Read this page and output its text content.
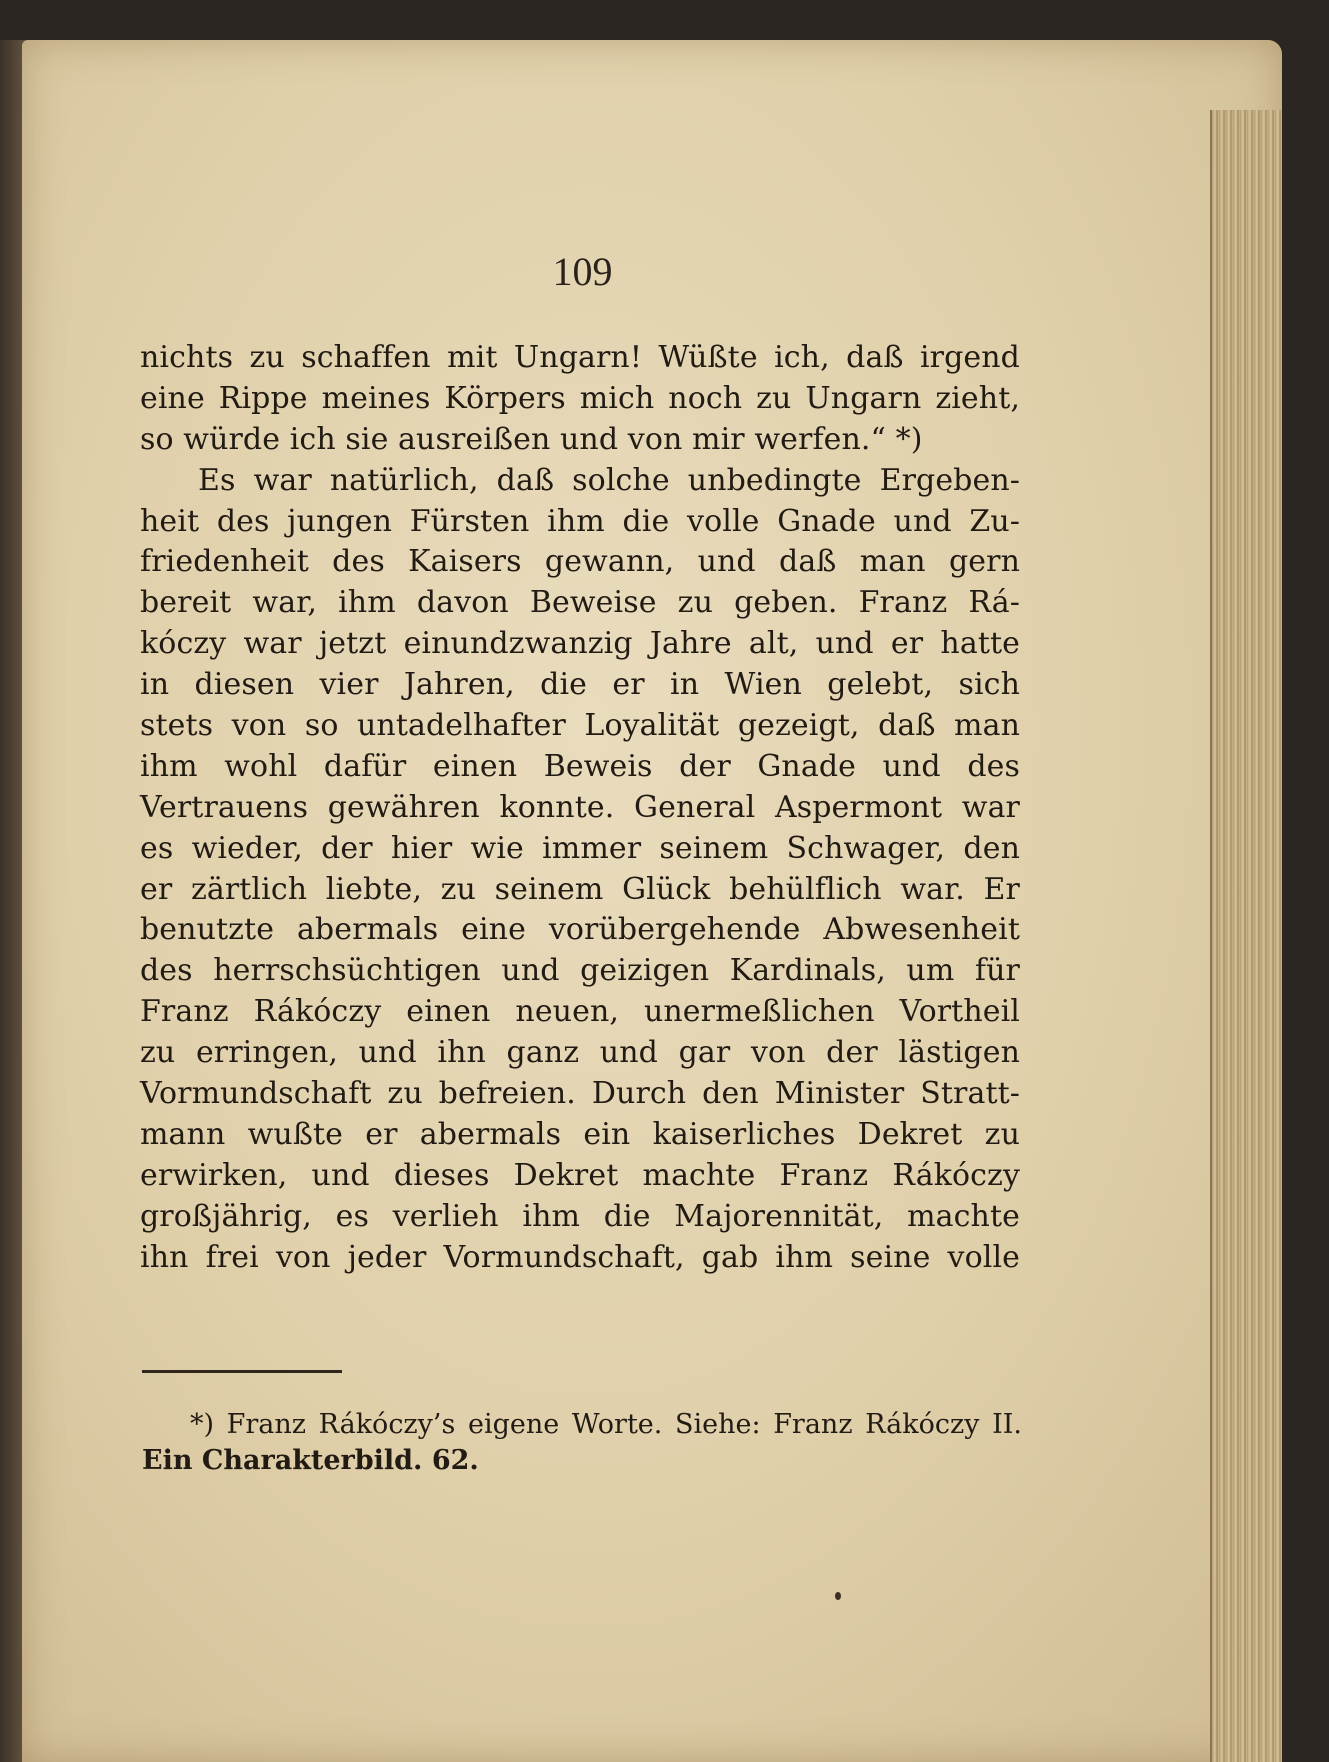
109
nichts zu schaffen mit Ungarn! Wüßte ich, daß irgend
eine Rippe meines Körpers mich noch zu Ungarn zieht,
so würde ich sie ausreißen und von mir werfen.“ *)
Es war natürlich, daß solche unbedingte Ergeben-
heit des jungen Fürsten ihm die volle Gnade und Zu-
friedenheit des Kaisers gewann, und daß man gern
bereit war, ihm davon Beweise zu geben. Franz Rá-
kóczy war jetzt einundzwanzig Jahre alt, und er hatte
in diesen vier Jahren, die er in Wien gelebt, sich
stets von so untadelhafter Loyalität gezeigt, daß man
ihm wohl dafür einen Beweis der Gnade und des
Vertrauens gewähren konnte. General Aspermont war
es wieder, der hier wie immer seinem Schwager, den
er zärtlich liebte, zu seinem Glück behülflich war. Er
benutzte abermals eine vorübergehende Abwesenheit
des herrschsüchtigen und geizigen Kardinals, um für
Franz Rákóczy einen neuen, unermeßlichen Vortheil
zu erringen, und ihn ganz und gar von der lästigen
Vormundschaft zu befreien. Durch den Minister Stratt-
mann wußte er abermals ein kaiserliches Dekret zu
erwirken, und dieses Dekret machte Franz Rákóczy
großjährig, es verlieh ihm die Majorennität, machte
ihn frei von jeder Vormundschaft, gab ihm seine volle
*) Franz Rákóczy’s eigene Worte. Siehe: Franz Rákóczy II.
Ein Charakterbild. 62.
